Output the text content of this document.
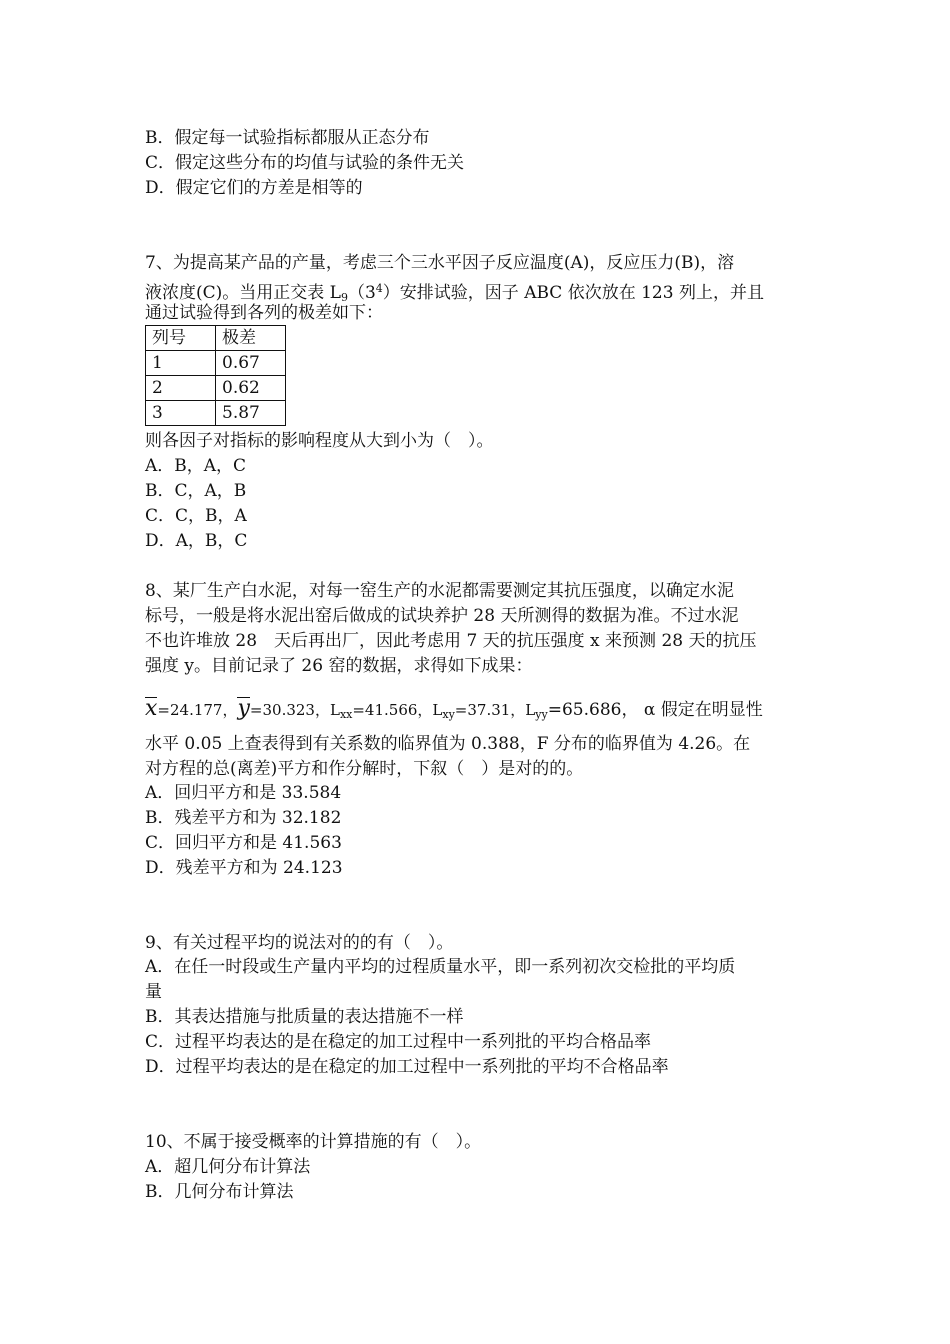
B．假定每一试验指标都服从正态分布
C．假定这些分布的均值与试验的条件无关
D．假定它们的方差是相等的
7、为提高某产品的产量，考虑三个三水平因子反应温度(A)，反应压力(B)，溶
液浓度(C)。当用正交表 $L_9(3^4)$安排试验，因子 ABC 依次放在 123 列上，并且
通过试验得到各列的极差如下：
列号	极差
1	0.67
2	0.62
3	5.87
则各因子对指标的影响程度从大到小为（　）。
A．B，A，C
B．C，A，B
C．C，B，A
D．A，B，C
8、某厂生产白水泥，对每一窑生产的水泥都需要测定其抗压强度，以确定水泥
标号，一般是将水泥出窑后做成的试块养护 28 天所测得的数据为准。不过水泥
不也许堆放 28　天后再出厂，因此考虑用 7 天的抗压强度 x 来预测 28 天的抗压
强度 y。目前记录了 26 窑的数据，求得如下成果：
x=24.177，y=30.323，$L_{xx}=41.566$，$L_{xy}=37.31$，$L_{yy}=65.686$， α 假定在明显性
水平 0.05 上查表得到有关系数的临界值为 0.388，F 分布的临界值为 4.26。在
对方程的总(离差)平方和作分解时，下叙（　）是对的的。
A．回归平方和是 33.584
B．残差平方和为 32.182
C．回归平方和是 41.563
D．残差平方和为 24.123
9、有关过程平均的说法对的的有（　）。
A．在任一时段或生产量内平均的过程质量水平，即一系列初次交检批的平均质
量
B．其表达措施与批质量的表达措施不一样
C．过程平均表达的是在稳定的加工过程中一系列批的平均合格品率
D．过程平均表达的是在稳定的加工过程中一系列批的平均不合格品率
10、不属于接受概率的计算措施的有（　）。
A．超几何分布计算法
B．几何分布计算法
